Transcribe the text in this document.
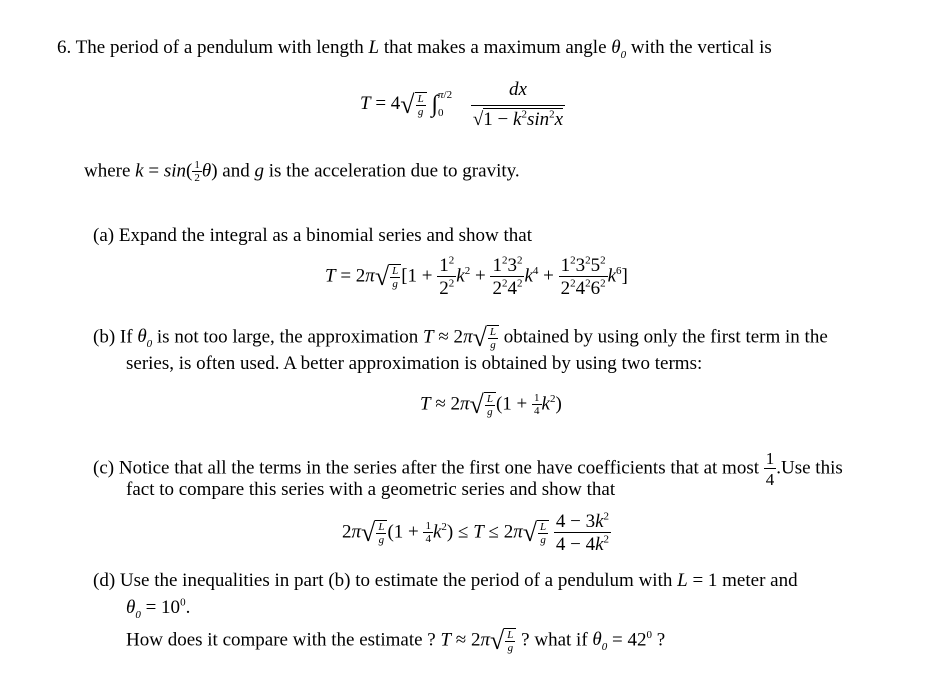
6. The period of a pendulum with length L that makes a maximum angle $\theta_0$ with the vertical is
$T = 4√ \frac{L}{g}$ ∫ π/2
0
	$\frac{dx}{√1 - k^2\sin^2x}$
where $k = \sin( \frac{1}{2} \theta)$ and g is the acceleration due to gravity.
(a) Expand the integral as a binomial series and show that
$T = 2\pi√ \frac{L}{g} [1 + \frac{1^2}{2^2} k^2 + \frac{1^23^2}{2^24^2} k^4 + \frac{1^23^25^2}{2^24^26^2} k^6]$
(b) If $\theta_0$ is not too large, the approximation $T \approx 2\pi√ \frac{L}{g}$ obtained by using only the first term in the
series, is often used. A better approximation is obtained by using two terms:
$T \approx 2\pi√ \frac{L}{g} (1 + \frac{1}{4} k^2)$
(c) Notice that all the terms in the series after the first one have coefficients that at most $\frac{1}{4} .Use$ this
fact to compare this series with a geometric series and show that
$2\pi√ \frac{L}{g} (1 + \frac{1}{4} k^2) \le T \le 2\pi√ \frac{L}{g}$
$\frac{4 - 3k^2}{4 - 4k^2}$
(d) Use the inequalities in part (b) to estimate the period of a pendulum with L = 1 meter and
$\theta_0 = 10^0$.
How does it compare with the estimate ? $T \approx 2\pi√ \frac{L}{g}$ ? what if $\theta_0 = 42^0$ ?
